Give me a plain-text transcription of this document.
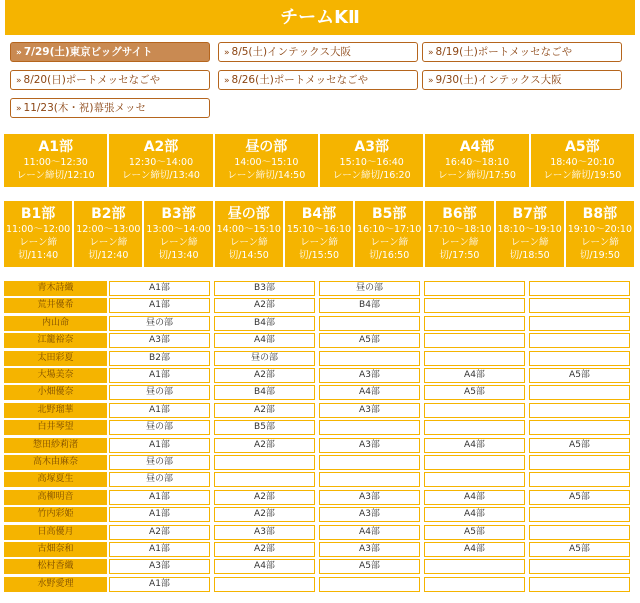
チームKⅡ
» 7/29(土)東京ビッグサイト	» 8/5(土)インテックス大阪	» 8/19(土)ポートメッセなごや
» 8/20(日)ポートメッセなごや	» 8/26(土)ポートメッセなごや	» 9/30(土)インテックス大阪
» 11/23(木・祝)幕張メッセ
A1部
11:00～12:30
レーン締切/12:10
A2部
12:30～14:00
レーン締切/13:40
昼の部
14:00～15:10
レーン締切/14:50
A3部
15:10～16:40
レーン締切/16:20
A4部
16:40～18:10
レーン締切/17:50
A5部
18:40～20:10
レーン締切/19:50
B1部
11:00～12:00
レーン締
切/11:40
B2部
12:00～13:00
レーン締
切/12:40
B3部
13:00～14:00
レーン締
切/13:40
昼の部
14:00～15:10
レーン締
切/14:50
B4部
15:10～16:10
レーン締
切/15:50
B5部
16:10～17:10
レーン締
切/16:50
B6部
17:10～18:10
レーン締
切/17:50
B7部
18:10～19:10
レーン締
切/18:50
B8部
19:10～20:10
レーン締
切/19:50
青木詩織	A1部	B3部	昼の部
荒井優希	A1部	A2部	B4部
内山命	昼の部	B4部
江籠裕奈	A3部	A4部	A5部
太田彩夏	B2部	昼の部
大場美奈	A1部	A2部	A3部	A4部	A5部
小畑優奈	昼の部	B4部	A4部	A5部
北野瑠華	A1部	A2部	A3部
白井琴望	昼の部	B5部
惣田紗莉渚	A1部	A2部	A3部	A4部	A5部
高木由麻奈	昼の部
高塚夏生	昼の部
高柳明音	A1部	A2部	A3部	A4部	A5部
竹内彩姫	A1部	A2部	A3部	A4部
日高優月	A2部	A3部	A4部	A5部
古畑奈和	A1部	A2部	A3部	A4部	A5部
松村香織	A3部	A4部	A5部
水野愛理	A1部
